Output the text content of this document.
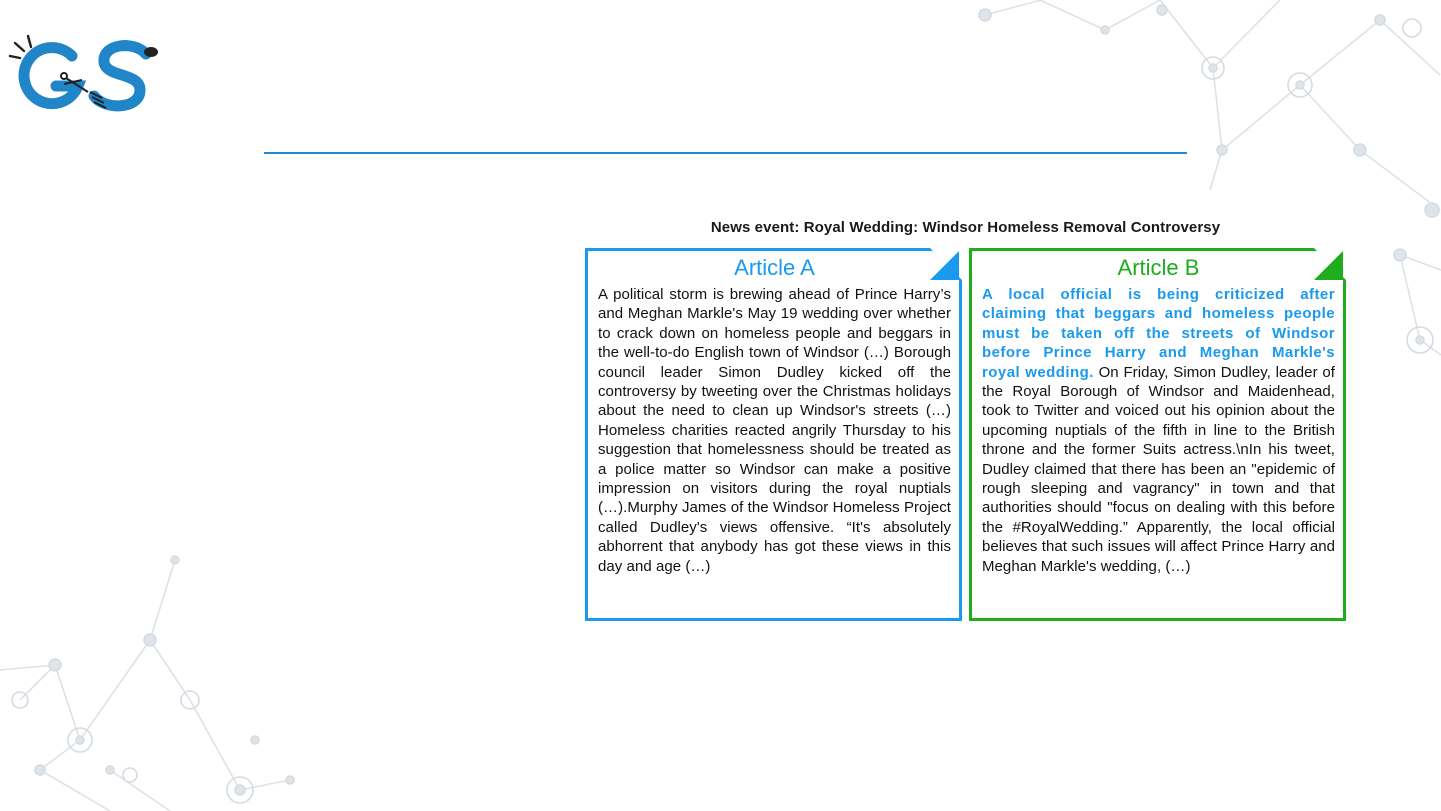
News event: Royal Wedding: Windsor Homeless Removal Controversy
Article A
A political storm is brewing ahead of Prince Harry’s and Meghan Markle's May 19 wedding over whether to crack down on homeless people and beggars in the well-to-do English town of Windsor (…) Borough council leader Simon Dudley kicked off the controversy by tweeting over the Christmas holidays about the need to clean up Windsor's streets (…) Homeless charities reacted angrily Thursday to his suggestion that homelessness should be treated as a police matter so Windsor can make a positive impression on visitors during the royal nuptials (…).Murphy James of the Windsor Homeless Project called Dudley's views offensive. “It's absolutely abhorrent that anybody has got these views in this day and age (…)
Article B
A local official is being criticized after claiming that beggars and homeless people must be taken off the streets of Windsor before Prince Harry and Meghan Markle's royal wedding. On Friday, Simon Dudley, leader of the Royal Borough of Windsor and Maidenhead, took to Twitter and voiced out his opinion about the upcoming nuptials of the fifth in line to the British throne and the former Suits actress.\nIn his tweet, Dudley claimed that there has been an "epidemic of rough sleeping and vagrancy" in town and that authorities should "focus on dealing with this before the #RoyalWedding.” Apparently, the local official believes that such issues will affect Prince Harry and Meghan Markle's wedding, (…)
